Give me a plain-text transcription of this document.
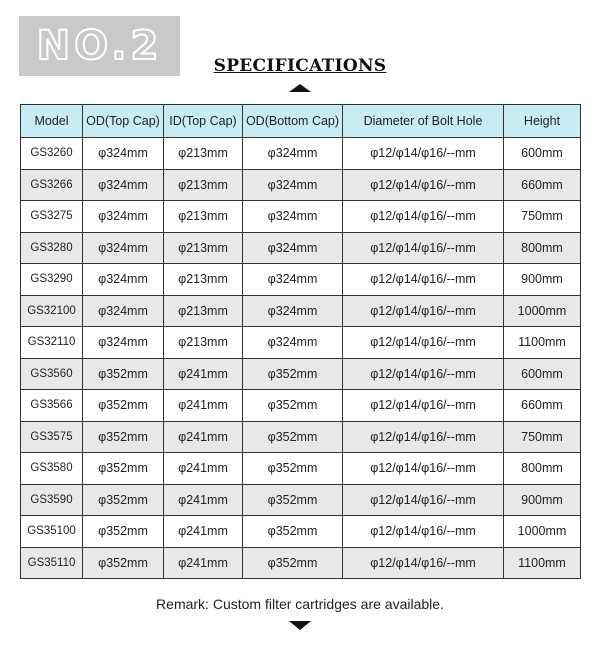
NO.2	SPECIFICATIONS
Model	OD(Top Cap)	ID(Top Cap)	OD(Bottom Cap)	Diameter of Bolt Hole	Height
GS3260	φ324mm	φ213mm	φ324mm	φ12/φ14/φ16/--mm	600mm
GS3266	φ324mm	φ213mm	φ324mm	φ12/φ14/φ16/--mm	660mm
GS3275	φ324mm	φ213mm	φ324mm	φ12/φ14/φ16/--mm	750mm
GS3280	φ324mm	φ213mm	φ324mm	φ12/φ14/φ16/--mm	800mm
GS3290	φ324mm	φ213mm	φ324mm	φ12/φ14/φ16/--mm	900mm
GS32100	φ324mm	φ213mm	φ324mm	φ12/φ14/φ16/--mm	1000mm
GS32110	φ324mm	φ213mm	φ324mm	φ12/φ14/φ16/--mm	1100mm
GS3560	φ352mm	φ241mm	φ352mm	φ12/φ14/φ16/--mm	600mm
GS3566	φ352mm	φ241mm	φ352mm	φ12/φ14/φ16/--mm	660mm
GS3575	φ352mm	φ241mm	φ352mm	φ12/φ14/φ16/--mm	750mm
GS3580	φ352mm	φ241mm	φ352mm	φ12/φ14/φ16/--mm	800mm
GS3590	φ352mm	φ241mm	φ352mm	φ12/φ14/φ16/--mm	900mm
GS35100	φ352mm	φ241mm	φ352mm	φ12/φ14/φ16/--mm	1000mm
GS35110	φ352mm	φ241mm	φ352mm	φ12/φ14/φ16/--mm	1100mm
Remark: Custom filter cartridges are available.
